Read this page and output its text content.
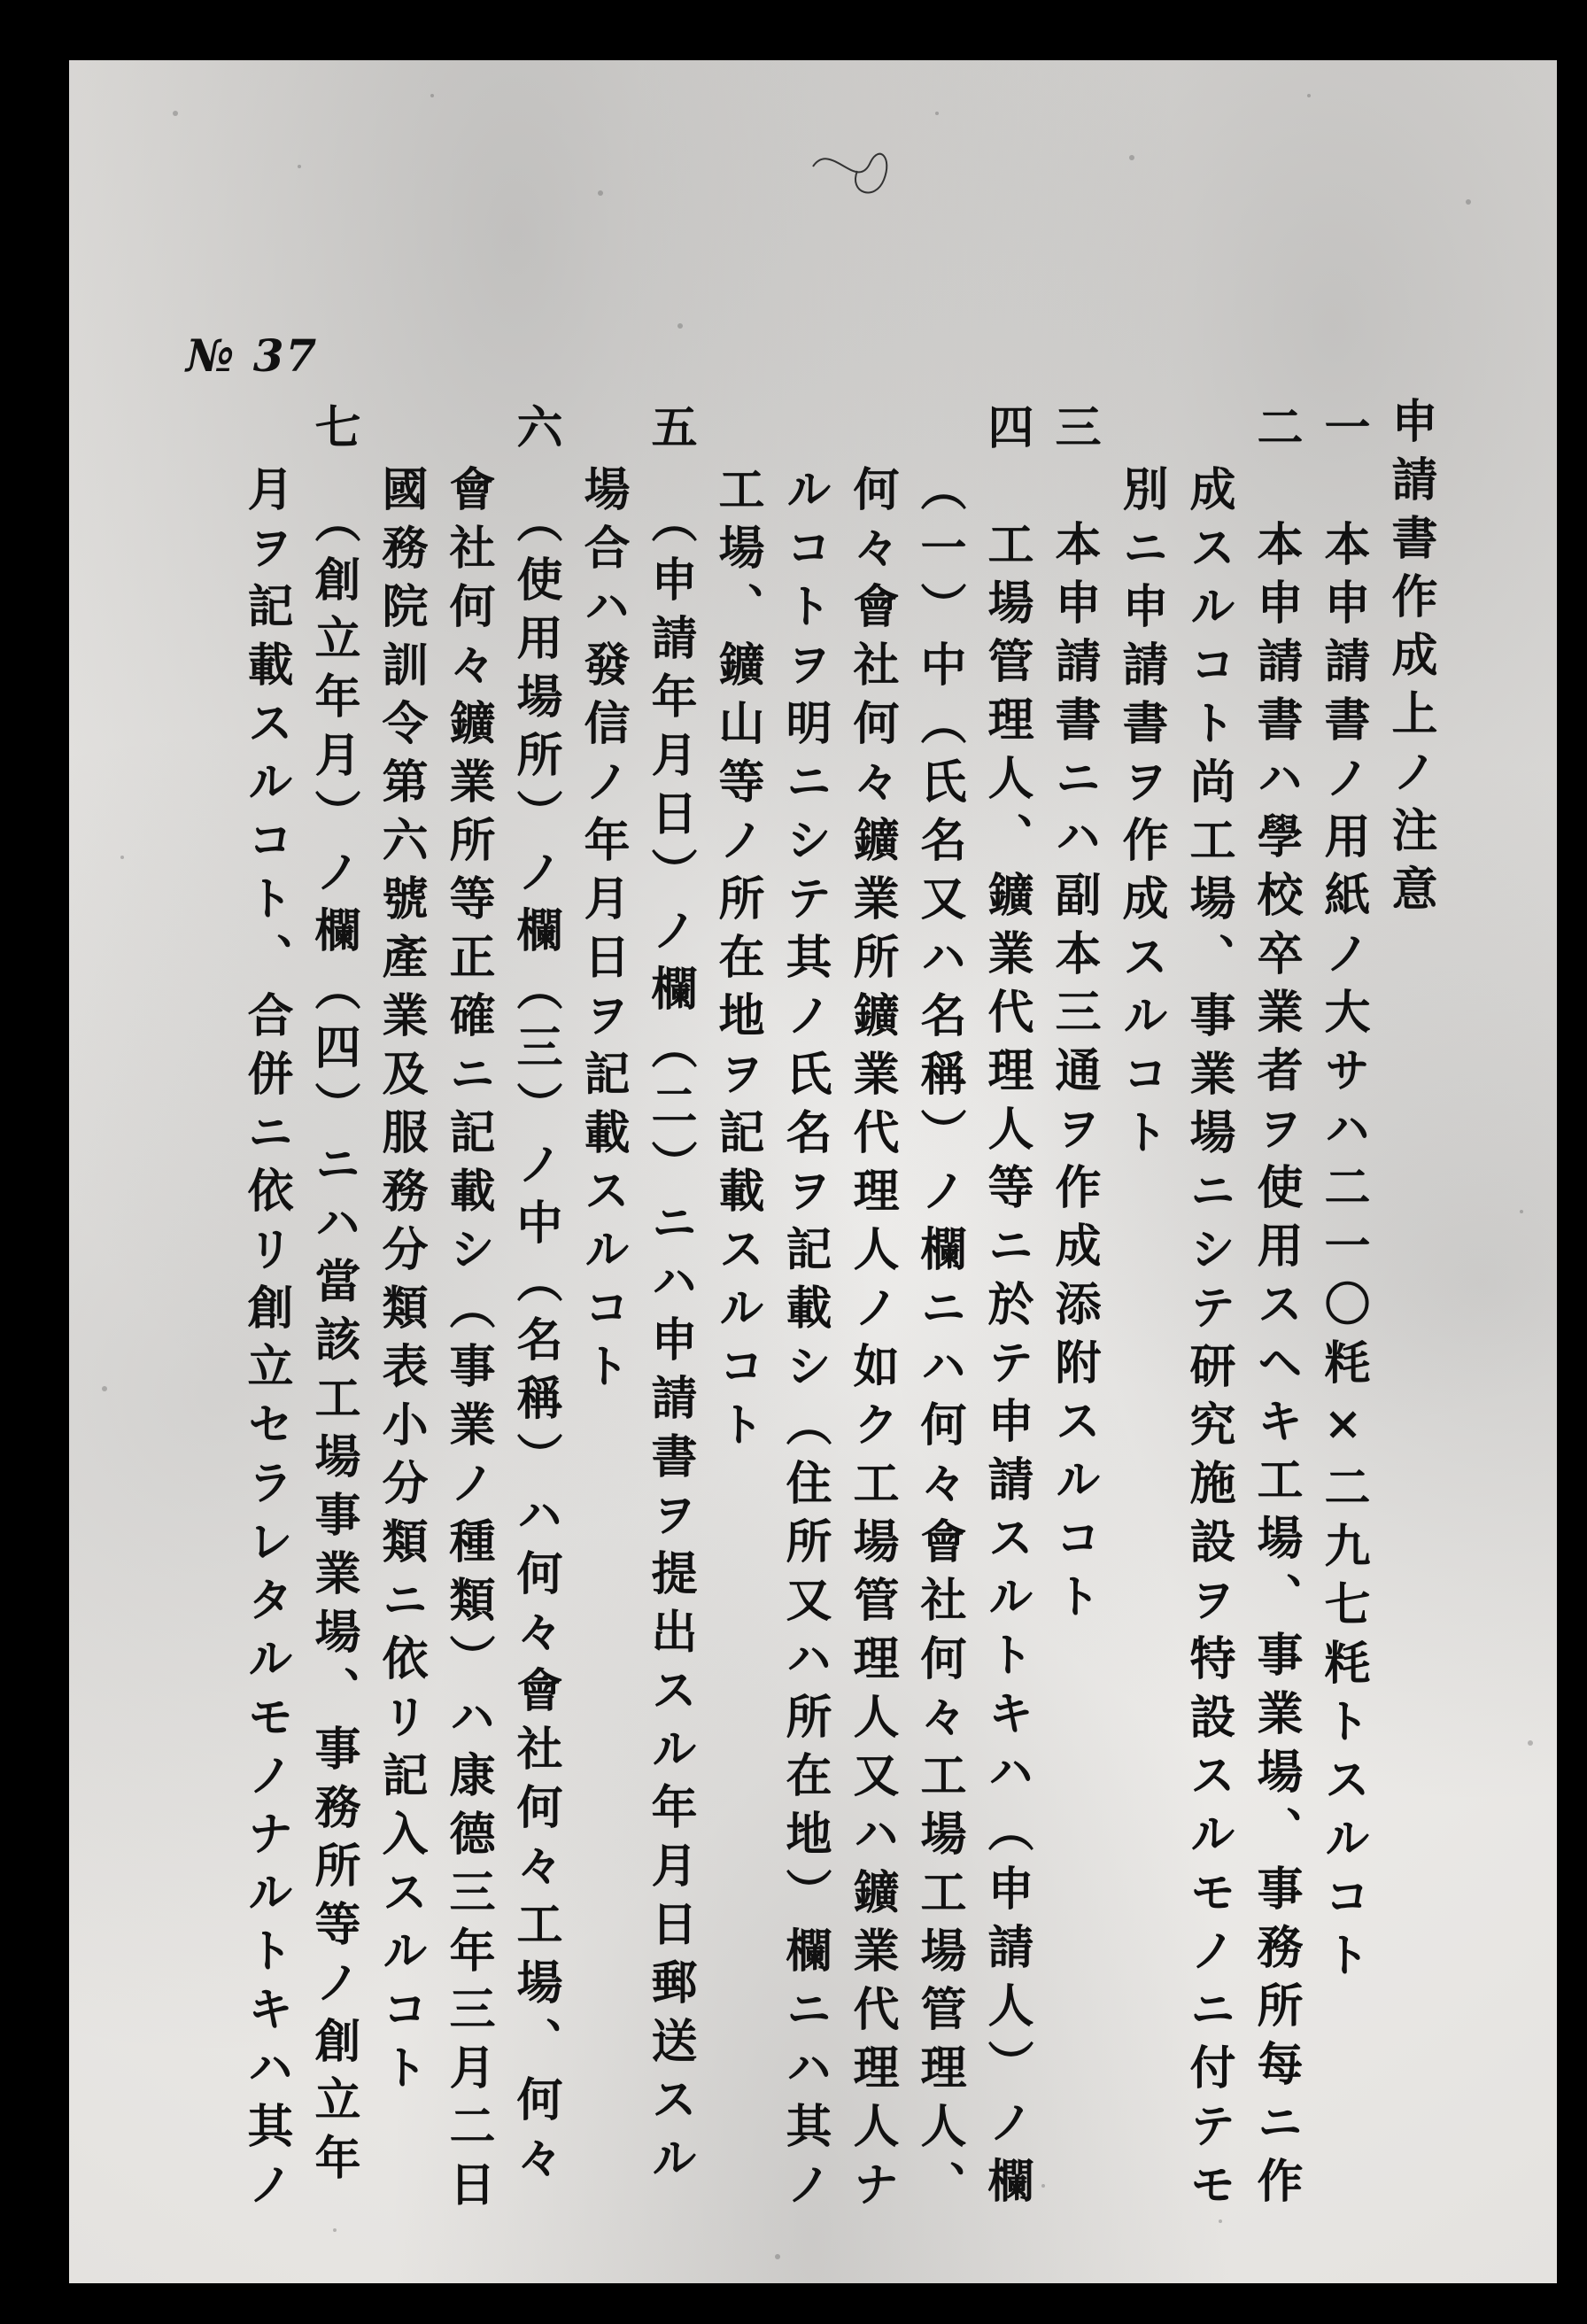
№ 37
申請書作成上ノ注意
一　本申請書ノ用紙ノ大サハ二一〇粍×二九七粍トスルコト
二　本申請書ハ學校卒業者ヲ使用スヘキ工場、事業場、事務所每ニ作
成スルコト尚工場、事業場ニシテ研究施設ヲ特設スルモノニ付テモ
別ニ申請書ヲ作成スルコト
三　本申請書ニハ副本三通ヲ作成添附スルコト
四　工場管理人、鑛業代理人等ニ於テ申請スルトキハ（申請人）ノ欄
（一）中（氏名又ハ名稱）ノ欄ニハ何々會社何々工場工場管理人、
何々會社何々鑛業所鑛業代理人ノ如ク工場管理人又ハ鑛業代理人ナ
ルコトヲ明ニシテ其ノ氏名ヲ記載シ（住所又ハ所在地）欄ニハ其ノ
工場、鑛山等ノ所在地ヲ記載スルコト
五　（申請年月日）ノ欄（二）ニハ申請書ヲ提出スル年月日郵送スル
場合ハ發信ノ年月日ヲ記載スルコト
六　（使用場所）ノ欄（三）ノ中（名稱）ハ何々會社何々工場、何々
會社何々鑛業所等正確ニ記載シ（事業ノ種類）ハ康德三年三月二日
國務院訓令第六號產業及服務分類表小分類ニ依リ記入スルコト
七　（創立年月）ノ欄（四）ニハ當該工場事業場、事務所等ノ創立年
月ヲ記載スルコト、合併ニ依リ創立セラレタルモノナルトキハ其ノ
